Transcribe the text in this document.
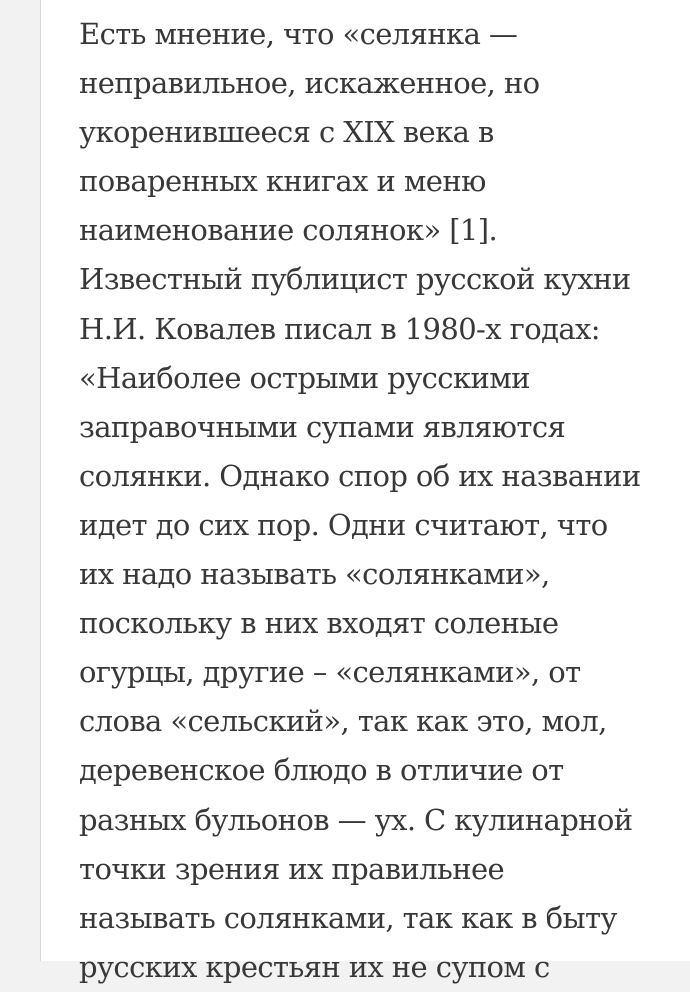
Есть мнение, что «селянка —
неправильное, искаженное, но
укоренившееся с XIX века в
поваренных книгах и меню
наименование солянок» [1].
Известный публицист русской кухни
Н.И. Ковалев писал в 1980-х годах:
«Наиболее острыми русскими
заправочными супами являются
солянки. Однако спор об их названии
идет до сих пор. Одни считают, что
их надо называть «солянками»,
поскольку в них входят соленые
огурцы, другие – «селянками», от
слова «сельский», так как это, мол,
деревенское блюдо в отличие от
разных бульонов — ух. С кулинарной
точки зрения их правильнее
называть солянками, так как в быту
русских крестьян их не супом с
